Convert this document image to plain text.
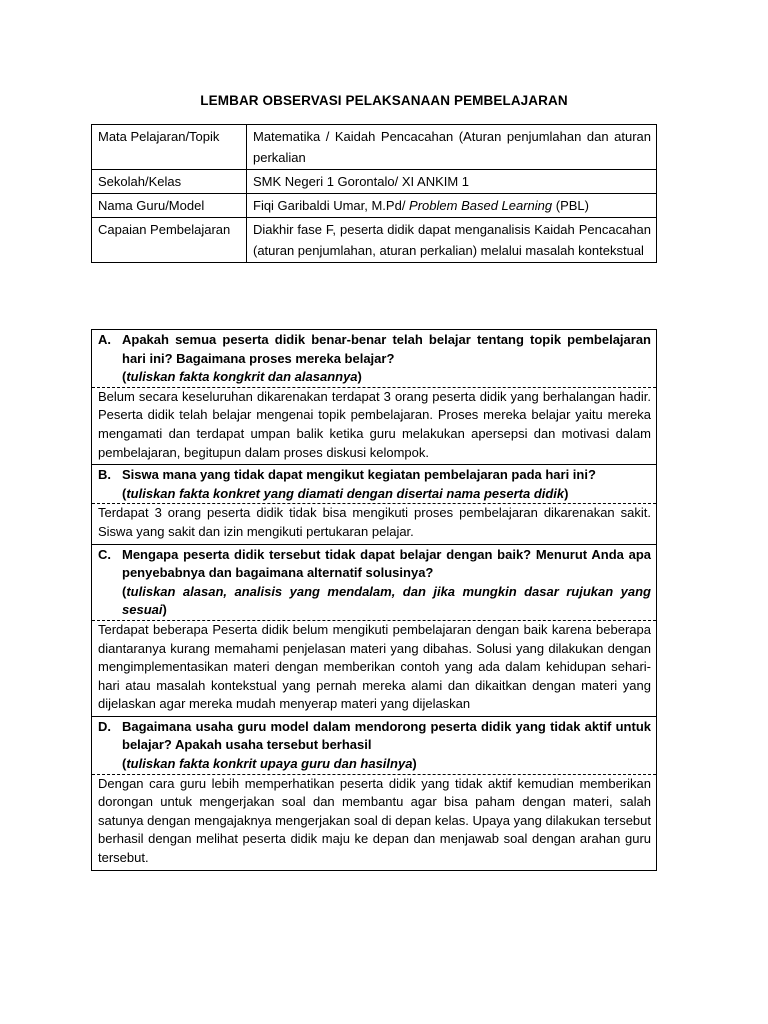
LEMBAR OBSERVASI PELAKSANAAN PEMBELAJARAN
Mata Pelajaran/Topik	Matematika / Kaidah Pencacahan (Aturan penjumlahan dan aturan perkalian
Sekolah/Kelas	SMK Negeri 1 Gorontalo/ XI ANKIM 1
Nama Guru/Model	Fiqi Garibaldi Umar, M.Pd/ Problem Based Learning (PBL)
Capaian Pembelajaran	Diakhir fase F, peserta didik dapat menganalisis Kaidah Pencacahan (aturan penjumlahan, aturan perkalian) melalui masalah kontekstual
A. Apakah semua peserta didik benar-benar telah belajar tentang topik pembelajaran hari ini? Bagaimana proses mereka belajar?
(tuliskan fakta kongkrit dan alasannya)

Belum secara keseluruhan dikarenakan terdapat 3 orang peserta didik yang berhalangan hadir. Peserta didik telah belajar mengenai topik pembelajaran. Proses mereka belajar yaitu mereka mengamati dan terdapat umpan balik ketika guru melakukan apersepsi dan motivasi dalam pembelajaran, begitupun dalam proses diskusi kelompok.

B. Siswa mana yang tidak dapat mengikut kegiatan pembelajaran pada hari ini?
(tuliskan fakta konkret yang diamati dengan disertai nama peserta didik)

Terdapat 3 orang peserta didik tidak bisa mengikuti proses pembelajaran dikarenakan sakit. Siswa yang sakit dan izin mengikuti pertukaran pelajar.

C. Mengapa peserta didik tersebut tidak dapat belajar dengan baik? Menurut Anda apa penyebabnya dan bagaimana alternatif solusinya?
(tuliskan alasan, analisis yang mendalam, dan jika mungkin dasar rujukan yang sesuai)

Terdapat beberapa Peserta didik belum mengikuti pembelajaran dengan baik karena beberapa diantaranya kurang memahami penjelasan materi yang dibahas. Solusi yang dilakukan dengan mengimplementasikan materi dengan memberikan contoh yang ada dalam kehidupan sehari-hari atau masalah kontekstual yang pernah mereka alami dan dikaitkan dengan materi yang dijelaskan agar mereka mudah menyerap materi yang dijelaskan

D. Bagaimana usaha guru model dalam mendorong peserta didik yang tidak aktif untuk belajar? Apakah usaha tersebut berhasil
(tuliskan fakta konkrit upaya guru dan hasilnya)

Dengan cara guru lebih memperhatikan peserta didik yang tidak aktif kemudian memberikan dorongan untuk mengerjakan soal dan membantu agar bisa paham dengan materi, salah satunya dengan mengajaknya mengerjakan soal di depan kelas. Upaya yang dilakukan tersebut berhasil dengan melihat peserta didik maju ke depan dan menjawab soal dengan arahan guru tersebut.
